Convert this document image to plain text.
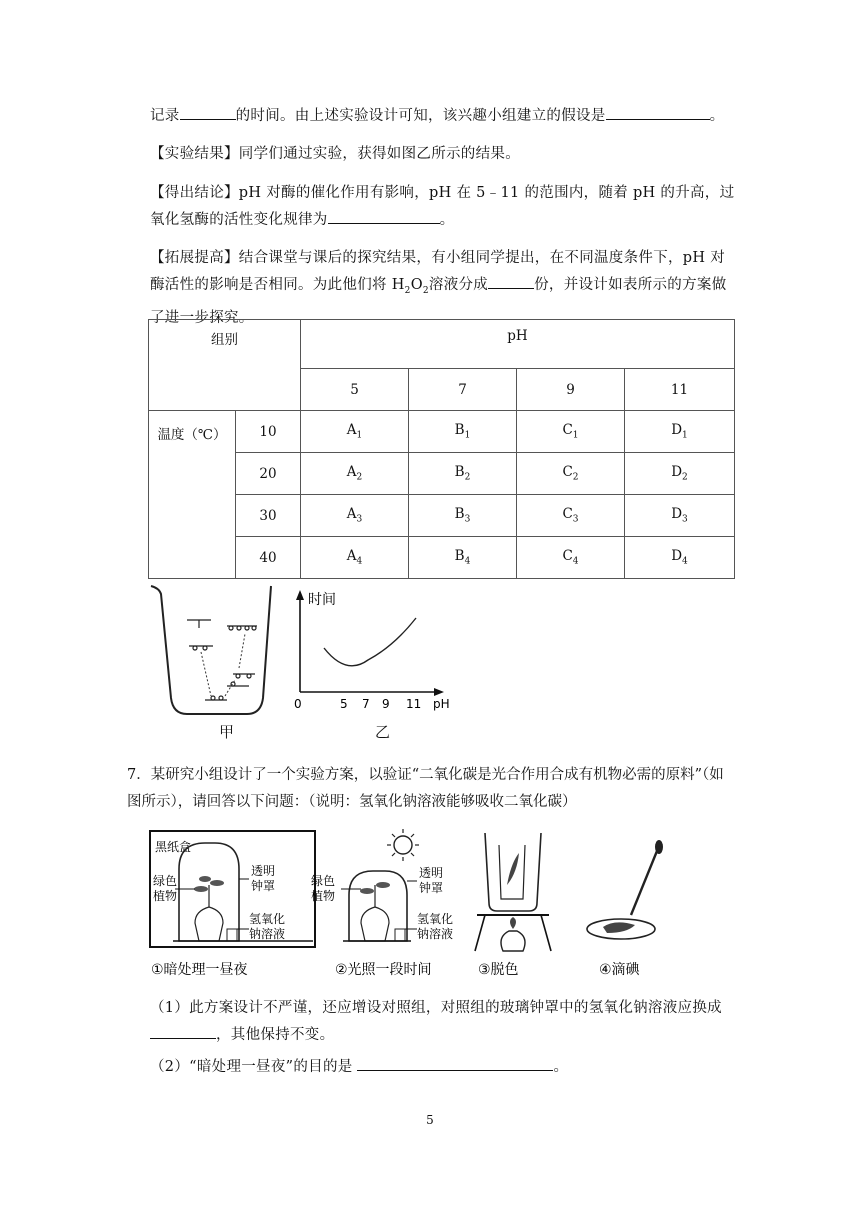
记录	的时间。由上述实验设计可知，该兴趣小组建立的假设是	。
【实验结果】同学们通过实验，获得如图乙所示的结果。
【得出结论】pH 对酶的催化作用有影响，pH 在 5﹣11 的范围内，随着 pH 的升高，过氧化氢酶的活性变化规律为	。
【拓展提高】结合课堂与课后的探究结果，有小组同学提出，在不同温度条件下，pH 对酶活性的影响是否相同。为此他们将 $H_2O_2$溶液分成	份，并设计如表所示的方案做了进一步探究。
组别		pH			
		5	7	9	11
温度（℃）	10	$A_1$	$B_1$	$C_1$	$D_1$
	20	$A_2$	$B_2$	$C_2$	$D_2$
	30	$A_3$	$B_3$	$C_3$	$D_3$
	40	$A_4$	$B_4$	$C_4$	$D_4$
甲
时间
0	pH
5 7 9 11
乙
7．某研究小组设计了一个实验方案，以验证“二氧化碳是光合作用合成有机物必需的原料”（如图所示），请回答以下问题：（说明：氢氧化钠溶液能够吸收二氧化碳）
黑纸盒
绿色植物
透明钟罩
氢氧化钠溶液
绿色植物
透明钟罩
氢氧化钠溶液
①暗处理一昼夜	②光照一段时间	③脱色	④滴碘
（1）此方案设计不严谨，还应增设对照组，对照组的玻璃钟罩中的氢氧化钠溶液应换成 ，其他保持不变。
（2）“暗处理一昼夜”的目的是	。
5
